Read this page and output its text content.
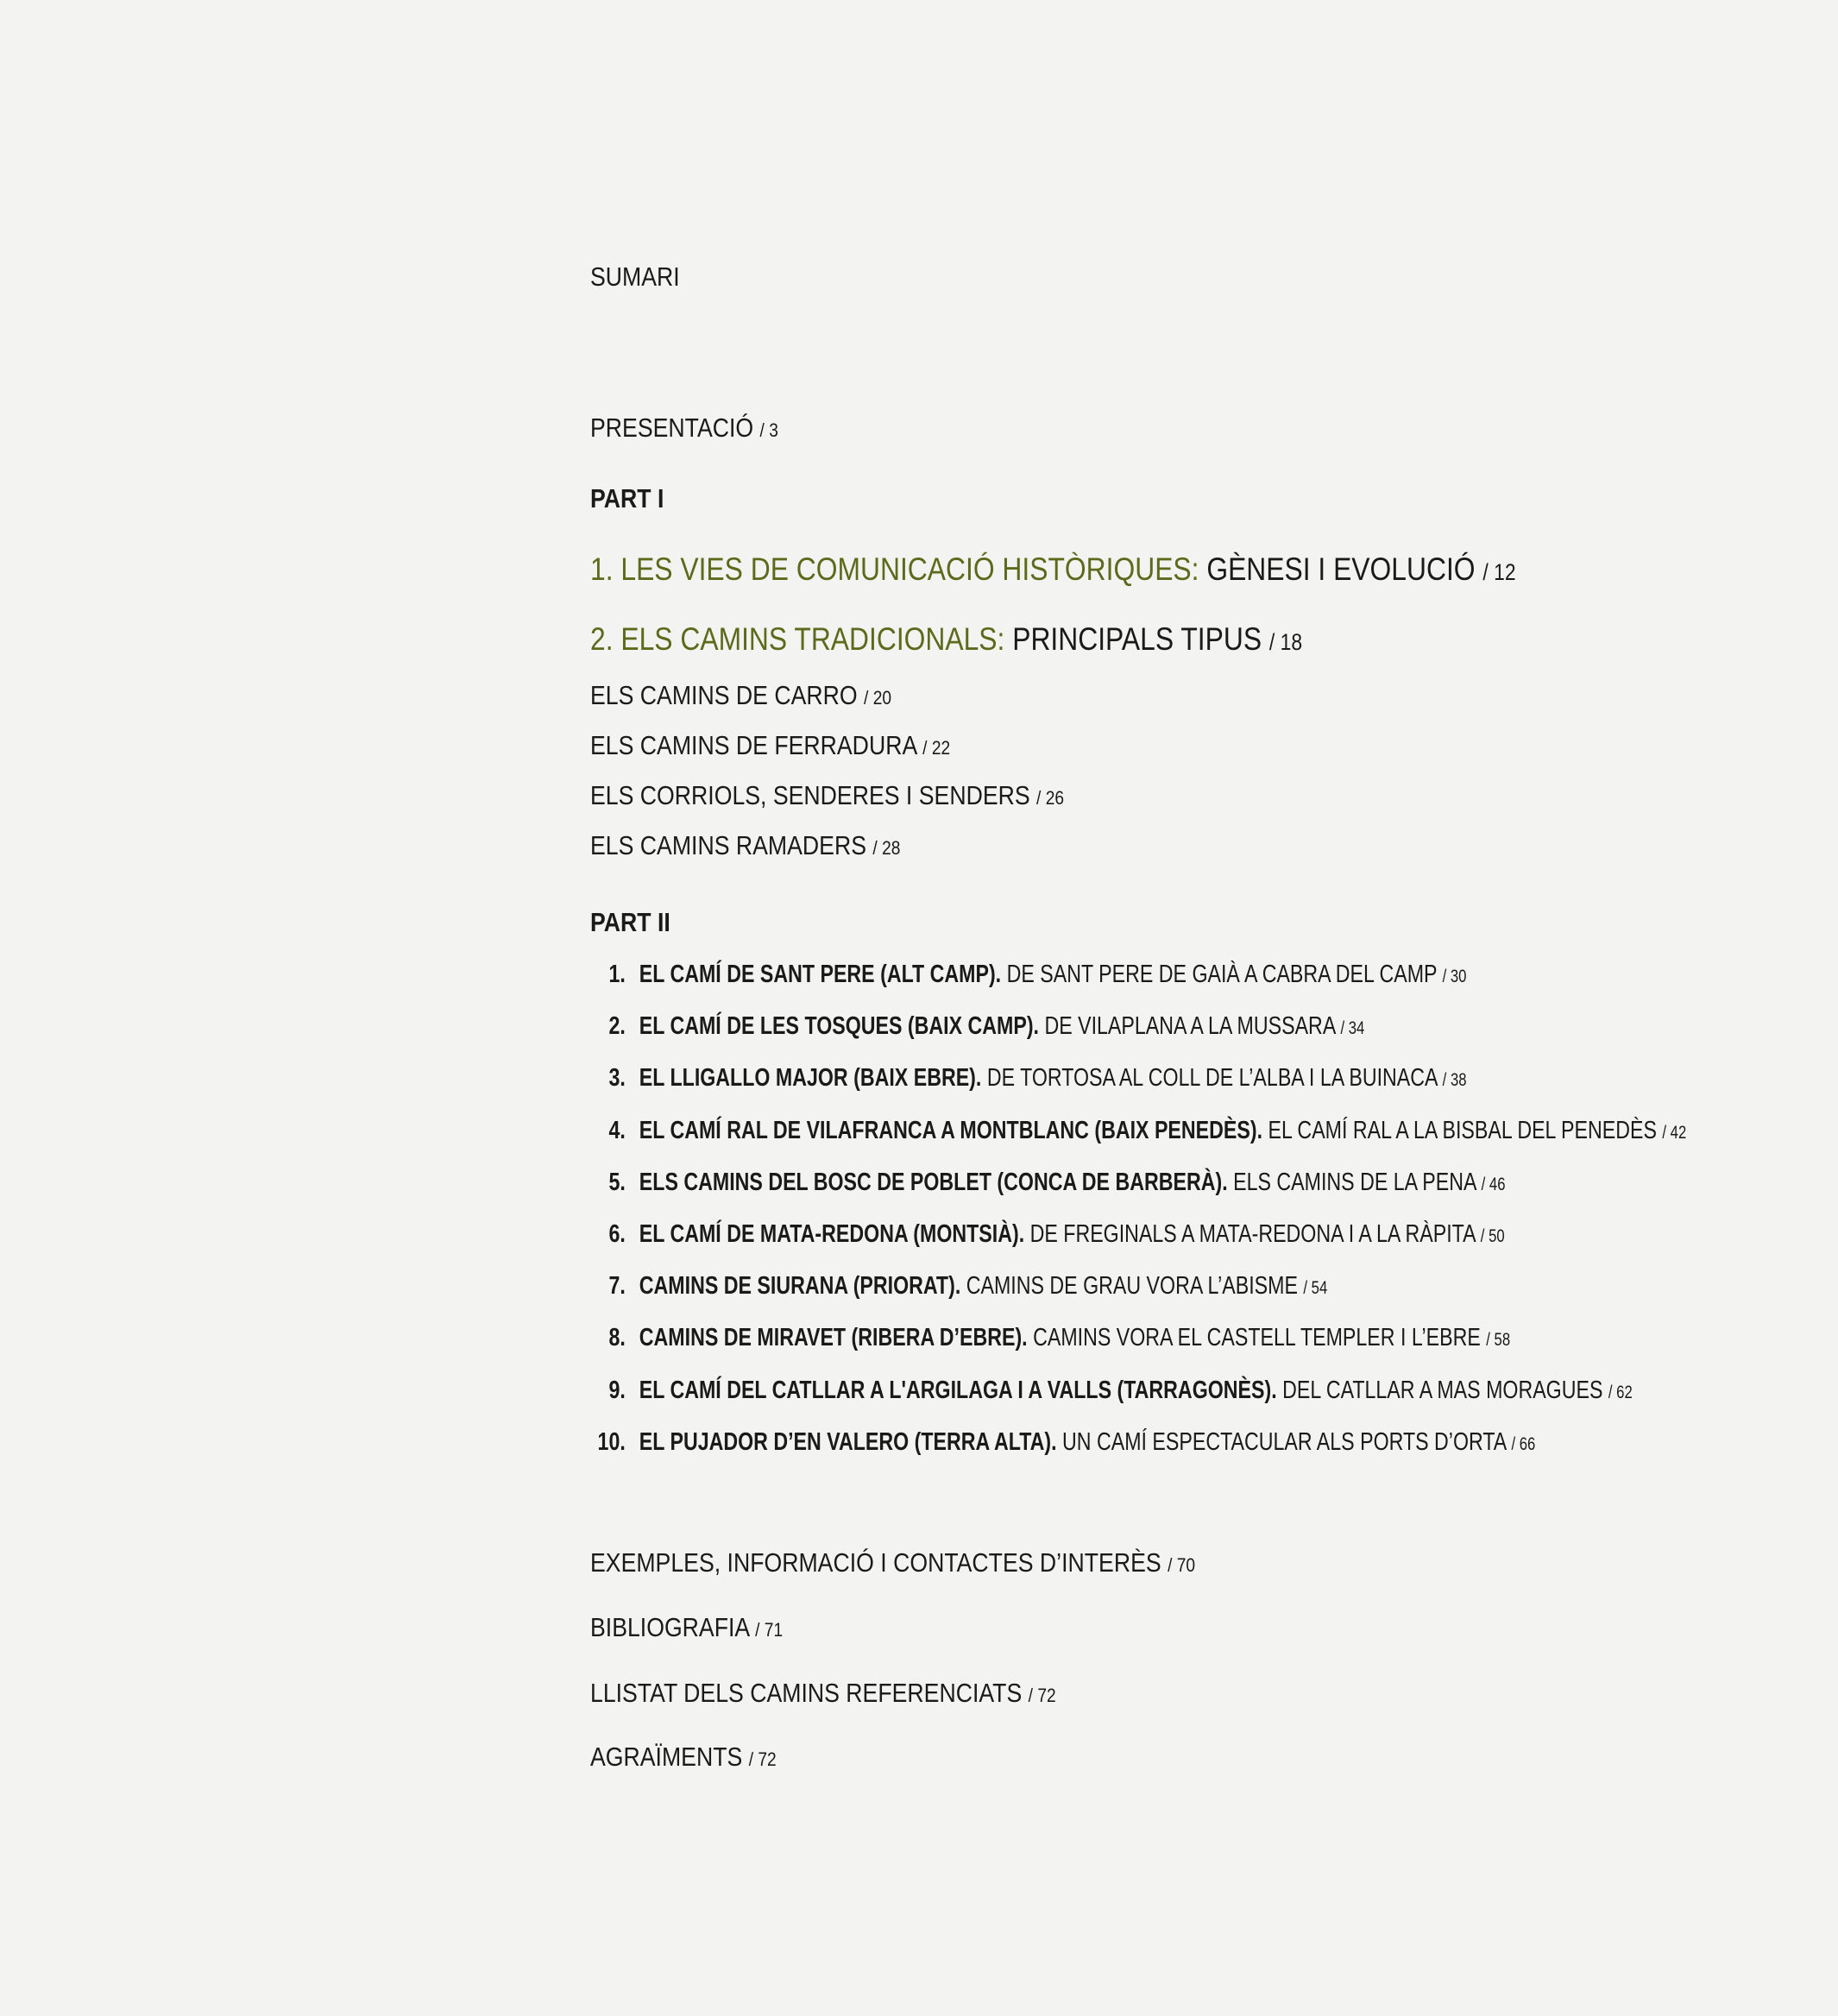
SUMARI
PRESENTACIÓ / 3
PART I
1. LES VIES DE COMUNICACIÓ HISTÒRIQUES: GÈNESI I EVOLUCIÓ / 12
2. ELS CAMINS TRADICIONALS: PRINCIPALS TIPUS / 18
ELS CAMINS DE CARRO / 20
ELS CAMINS DE FERRADURA / 22
ELS CORRIOLS, SENDERES I SENDERS / 26
ELS CAMINS RAMADERS / 28
PART II
1. EL CAMÍ DE SANT PERE (ALT CAMP). DE SANT PERE DE GAIÀ A CABRA DEL CAMP / 30
2. EL CAMÍ DE LES TOSQUES (BAIX CAMP). DE VILAPLANA A LA MUSSARA / 34
3. EL LLIGALLO MAJOR (BAIX EBRE). DE TORTOSA AL COLL DE L’ALBA I LA BUINACA / 38
4. EL CAMÍ RAL DE VILAFRANCA A MONTBLANC (BAIX PENEDÈS). EL CAMÍ RAL A LA BISBAL DEL PENEDÈS / 42
5. ELS CAMINS DEL BOSC DE POBLET (CONCA DE BARBERÀ). ELS CAMINS DE LA PENA / 46
6. EL CAMÍ DE MATA-REDONA (MONTSIÀ). DE FREGINALS A MATA-REDONA I A LA RÀPITA / 50
7. CAMINS DE SIURANA (PRIORAT). CAMINS DE GRAU VORA L’ABISME / 54
8. CAMINS DE MIRAVET (RIBERA D’EBRE). CAMINS VORA EL CASTELL TEMPLER I L’EBRE / 58
9. EL CAMÍ DEL CATLLAR A L'ARGILAGA I A VALLS (TARRAGONÈS). DEL CATLLAR A MAS MORAGUES / 62
10. EL PUJADOR D’EN VALERO (TERRA ALTA). UN CAMÍ ESPECTACULAR ALS PORTS D’ORTA / 66
EXEMPLES, INFORMACIÓ I CONTACTES D’INTERÈS / 70
BIBLIOGRAFIA / 71
LLISTAT DELS CAMINS REFERENCIATS / 72
AGRAÏMENTS / 72
